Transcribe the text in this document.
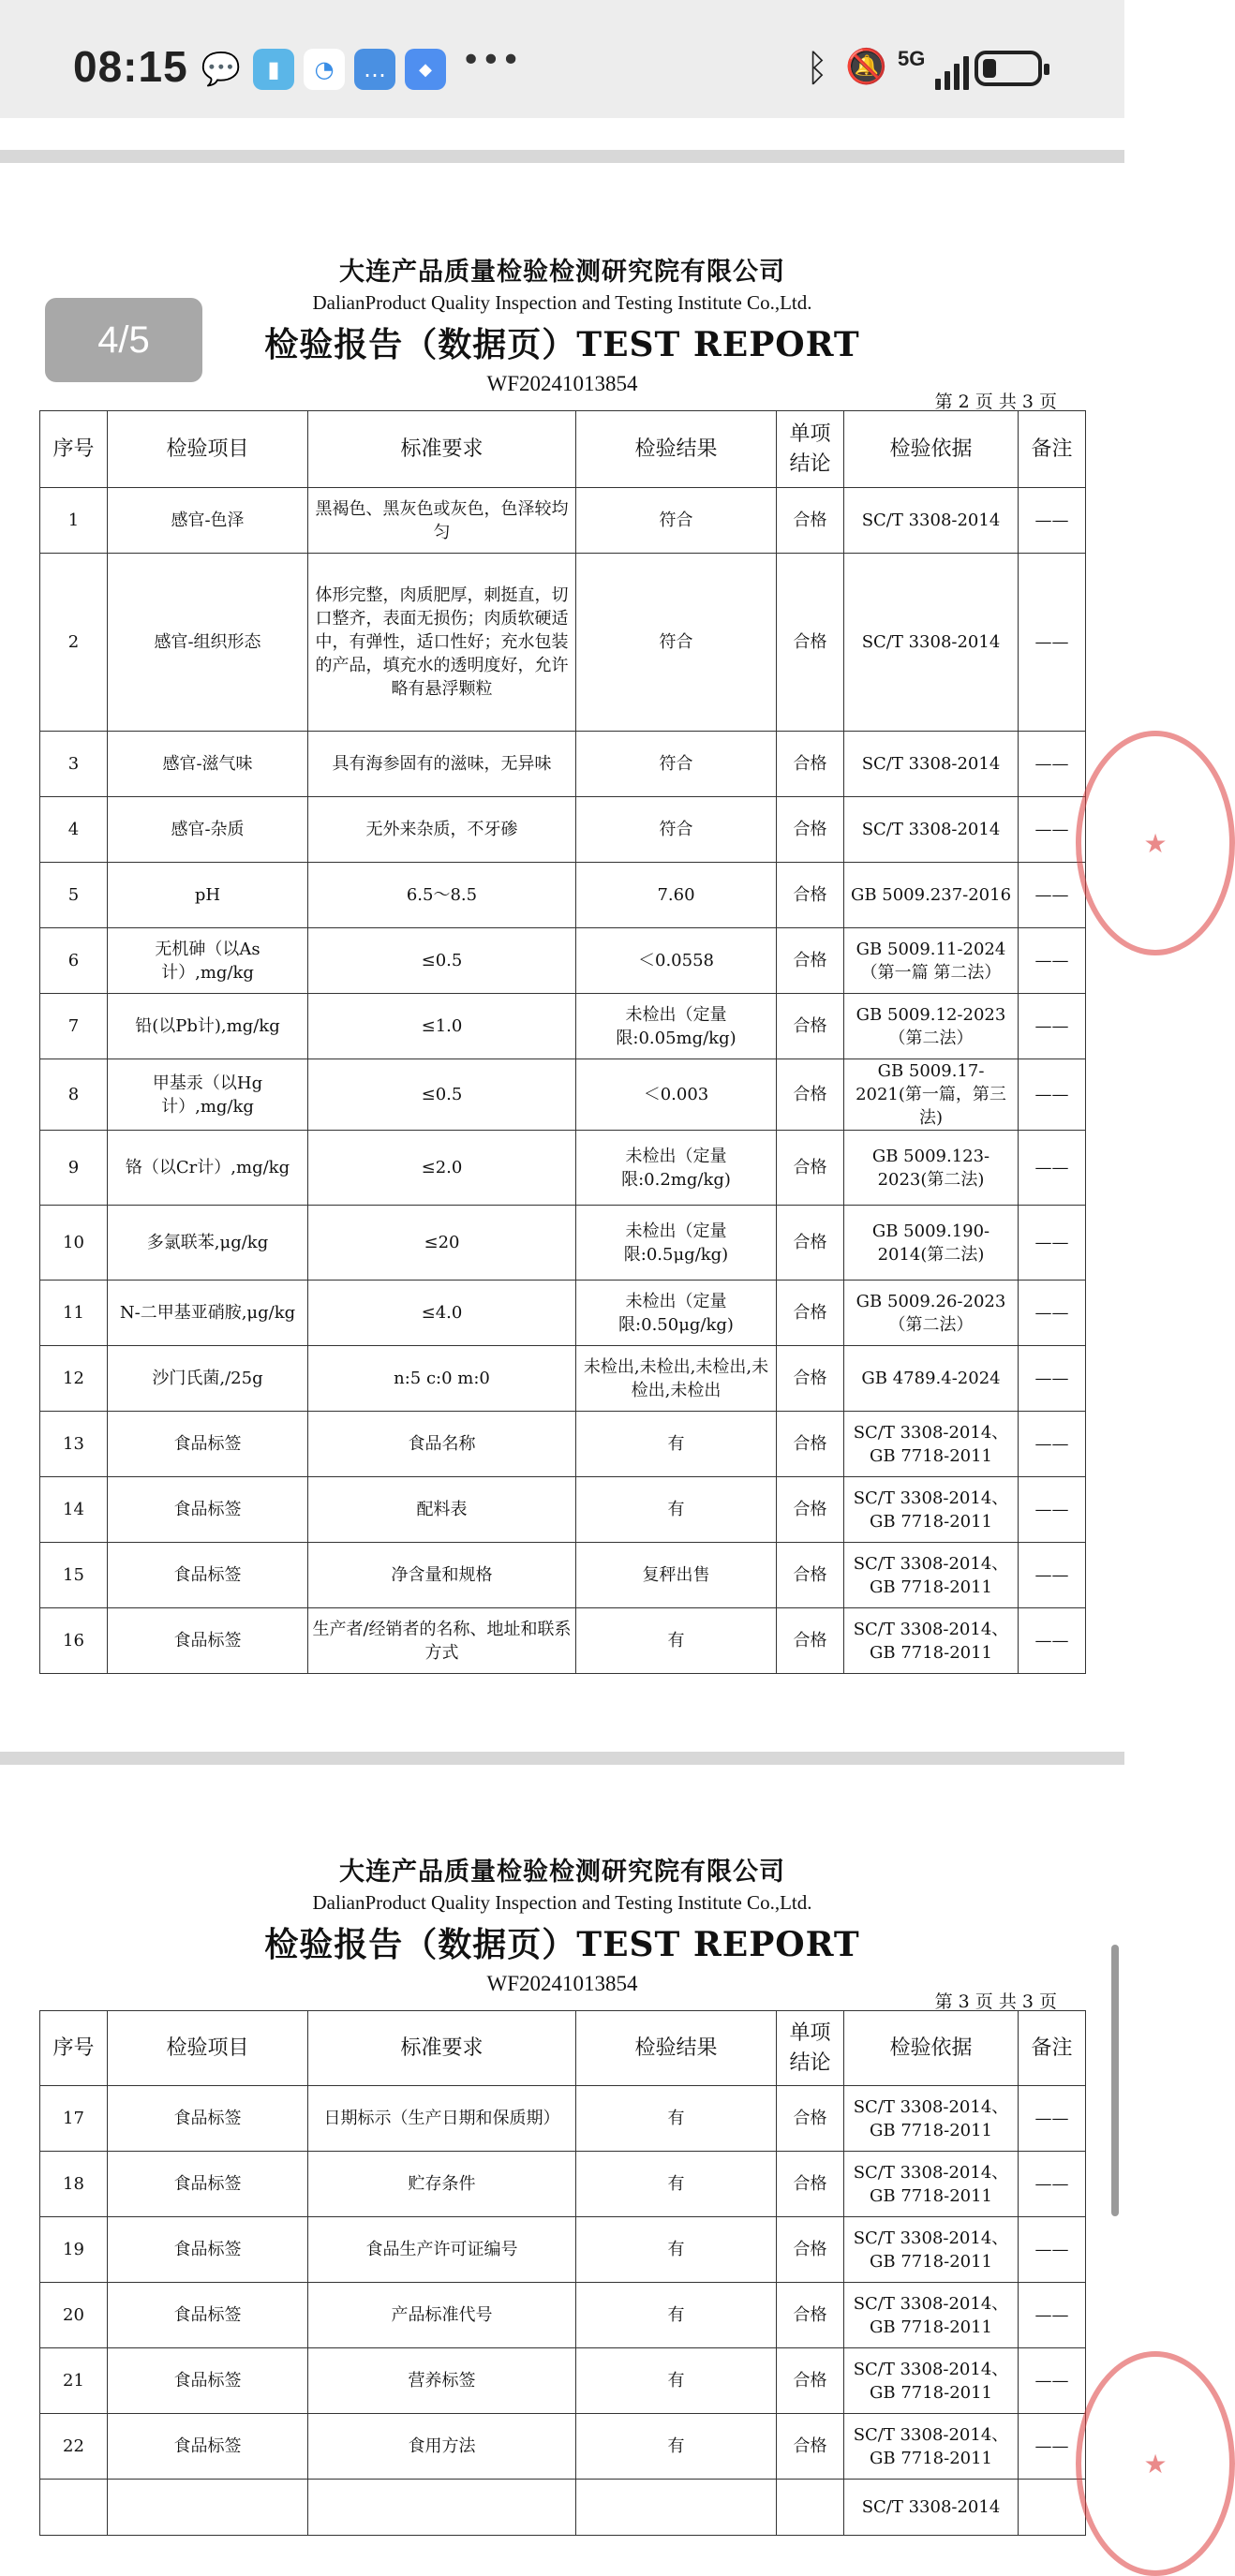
08:15 💬	▮	◔	…	◆ •••	ᛒ 🔕 5G
4/5
大连产品质量检验检测研究院有限公司
DalianProduct Quality Inspection and Testing Institute Co.,Ltd.
检验报告（数据页）TEST REPORT
WF20241013854
第 2 页 共 3 页
序号	检验项目	标准要求	检验结果	单项结论	检验依据	备注
1	感官-色泽	黑褐色、黑灰色或灰色，色泽较均匀	符合	合格	SC/T 3308-2014	——
2	感官-组织形态	体形完整，肉质肥厚，刺挺直，切口整齐，表面无损伤；肉质软硬适中，有弹性，适口性好；充水包装的产品，填充水的透明度好，允许略有悬浮颗粒	符合	合格	SC/T 3308-2014	——
3	感官-滋气味	具有海参固有的滋味，无异味	符合	合格	SC/T 3308-2014	——
4	感官-杂质	无外来杂质，不牙碜	符合	合格	SC/T 3308-2014	——
5	pH	6.5～8.5	7.60	合格	GB 5009.237-2016	——
6	无机砷（以As计）,mg/kg	≤0.5	＜0.0558	合格	GB 5009.11-2024（第一篇 第二法）	——
7	铅(以Pb计),mg/kg	≤1.0	未检出（定量限:0.05mg/kg)	合格	GB 5009.12-2023（第二法）	——
8	甲基汞（以Hg计）,mg/kg	≤0.5	＜0.003	合格	GB 5009.17-2021(第一篇，第三法)	——
9	铬（以Cr计）,mg/kg	≤2.0	未检出（定量限:0.2mg/kg)	合格	GB 5009.123-2023(第二法)	——
10	多氯联苯,μg/kg	≤20	未检出（定量限:0.5μg/kg)	合格	GB 5009.190-2014(第二法)	——
11	N-二甲基亚硝胺,μg/kg	≤4.0	未检出（定量限:0.50μg/kg)	合格	GB 5009.26-2023（第二法）	——
12	沙门氏菌,/25g	n:5 c:0 m:0	未检出,未检出,未检出,未检出,未检出	合格	GB 4789.4-2024	——
13	食品标签	食品名称	有	合格	SC/T 3308-2014、GB 7718-2011	——
14	食品标签	配料表	有	合格	SC/T 3308-2014、GB 7718-2011	——
15	食品标签	净含量和规格	复秤出售	合格	SC/T 3308-2014、GB 7718-2011	——
16	食品标签	生产者/经销者的名称、地址和联系方式	有	合格	SC/T 3308-2014、GB 7718-2011	——
★
大连产品质量检验检测研究院有限公司
DalianProduct Quality Inspection and Testing Institute Co.,Ltd.
检验报告（数据页）TEST REPORT
WF20241013854
第 3 页 共 3 页
序号	检验项目	标准要求	检验结果	单项结论	检验依据	备注
17	食品标签	日期标示（生产日期和保质期）	有	合格	SC/T 3308-2014、GB 7718-2011	——
18	食品标签	贮存条件	有	合格	SC/T 3308-2014、GB 7718-2011	——
19	食品标签	食品生产许可证编号	有	合格	SC/T 3308-2014、GB 7718-2011	——
20	食品标签	产品标准代号	有	合格	SC/T 3308-2014、GB 7718-2011	——
21	食品标签	营养标签	有	合格	SC/T 3308-2014、GB 7718-2011	——
22	食品标签	食用方法	有	合格	SC/T 3308-2014、GB 7718-2011	——
					SC/T 3308-2014	
★
